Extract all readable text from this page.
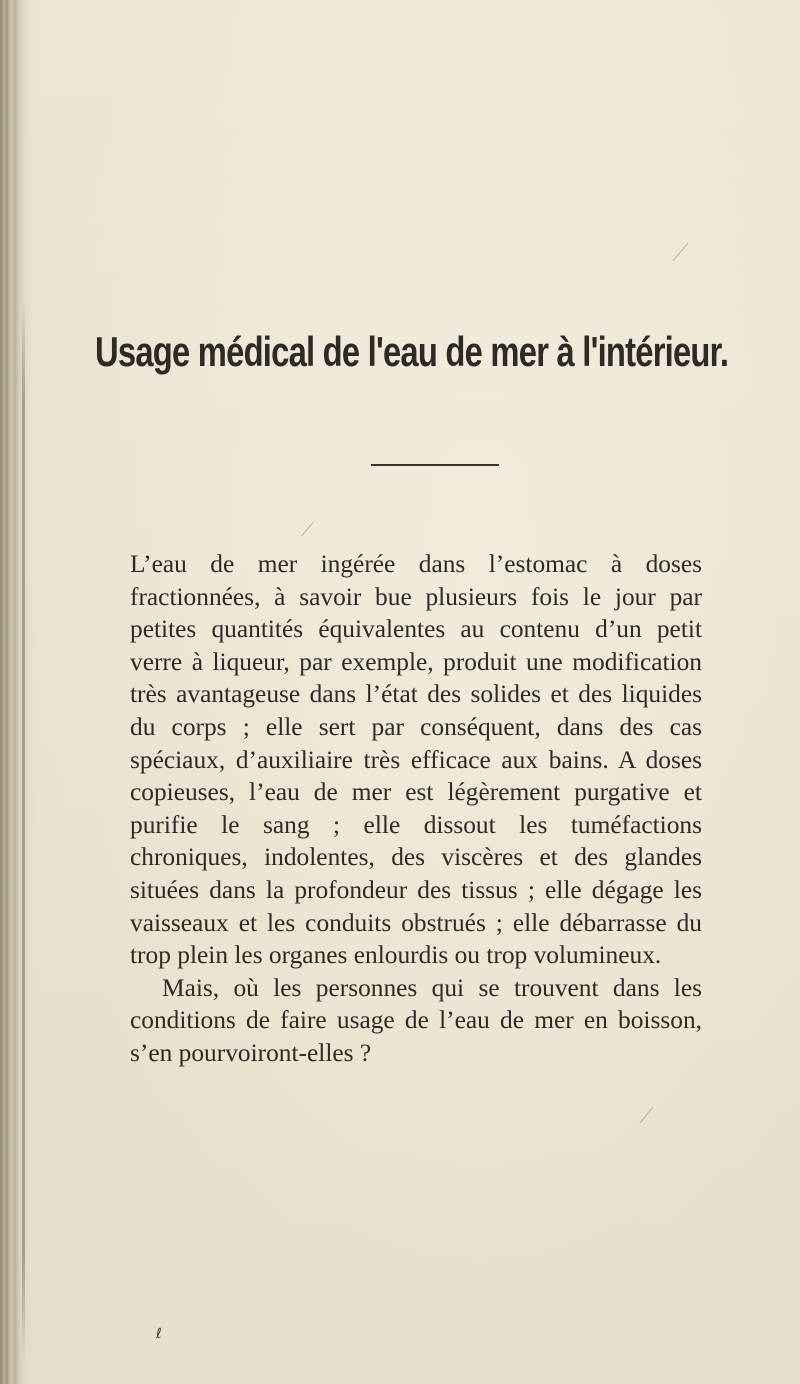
Usage médical de l'eau de mer à l'intérieur.

L’eau de mer ingérée dans l’estomac à doses fractionnées, à savoir bue plusieurs fois le jour par petites quantités équivalentes au contenu d’un petit verre à liqueur, par exemple, produit une modification très avantageuse dans l’état des solides et des liquides du corps ; elle sert par conséquent, dans des cas spéciaux, d’auxiliaire très efficace aux bains. A doses copieuses, l’eau de mer est légèrement purgative et purifie le sang ; elle dissout les tuméfactions chroniques, indolentes, des viscères et des glandes situées dans la profondeur des tissus ; elle dégage les vaisseaux et les conduits obstrués ; elle débarrasse du trop plein les organes enlourdis ou trop volumineux.

Mais, où les personnes qui se trouvent dans les conditions de faire usage de l’eau de mer en boisson, s’en pourvoiront-elles ?

ℓ
